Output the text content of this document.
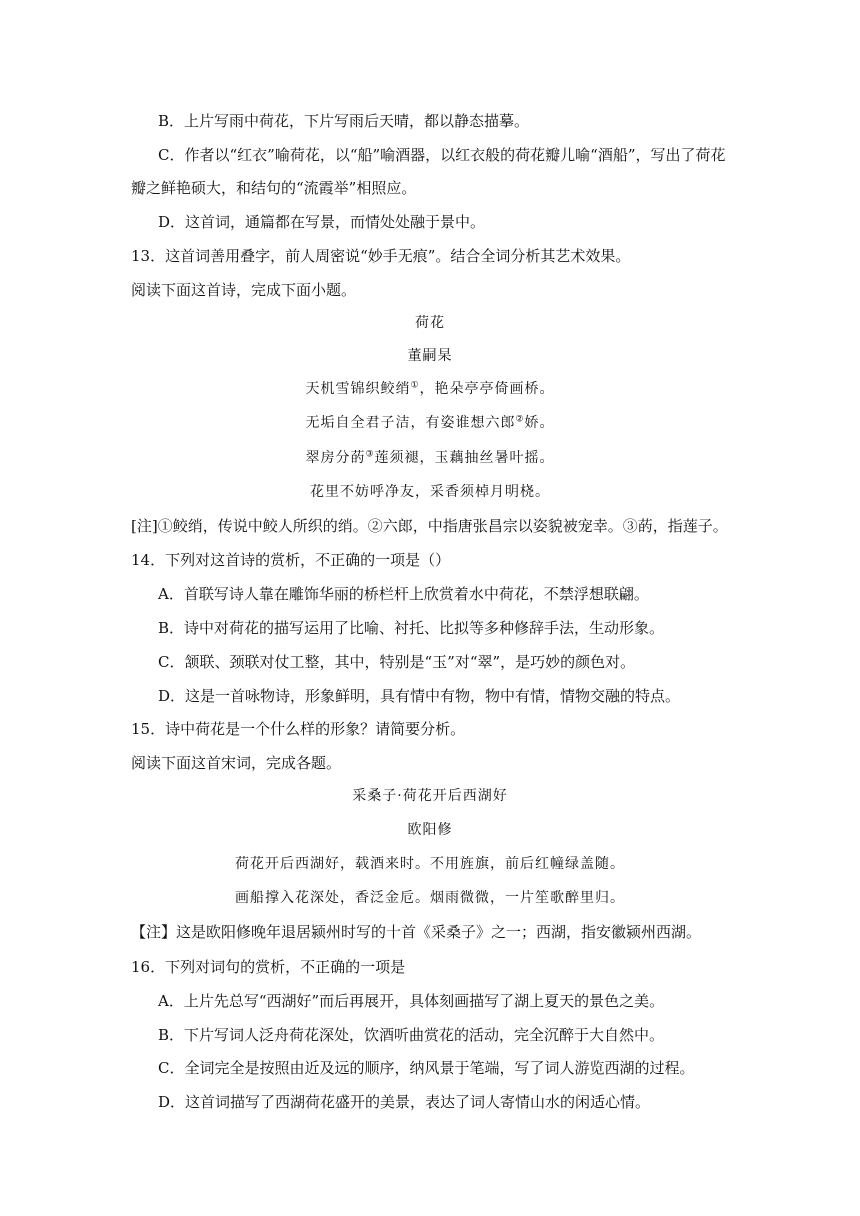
B．上片写雨中荷花，下片写雨后天晴，都以静态描摹。
C．作者以“红衣”喻荷花，以“船”喻酒器，以红衣般的荷花瓣儿喻“酒船”，写出了荷花
瓣之鲜艳硕大，和结句的“流霞举”相照应。
D．这首词，通篇都在写景，而情处处融于景中。
13．这首词善用叠字，前人周密说“妙手无痕”。结合全词分析其艺术效果。
阅读下面这首诗，完成下面小题。
荷花
董嗣杲
天机雪锦织鲛绡①，艳朵亭亭倚画桥。
无垢自全君子洁，有姿谁想六郎②娇。
翠房分菂③莲须褪，玉藕抽丝暑叶摇。
花里不妨呼净友，采香须棹月明桡。
[注]①鲛绡，传说中鲛人所织的绡。②六郎，中指唐张昌宗以姿貌被宠幸。③菂，指莲子。
14．下列对这首诗的赏析，不正确的一项是（）
A．首联写诗人靠在雕饰华丽的桥栏杆上欣赏着水中荷花，不禁浮想联翩。
B．诗中对荷花的描写运用了比喻、衬托、比拟等多种修辞手法，生动形象。
C．颔联、颈联对仗工整，其中，特别是“玉”对“翠”，是巧妙的颜色对。
D．这是一首咏物诗，形象鲜明，具有情中有物，物中有情，情物交融的特点。
15．诗中荷花是一个什么样的形象？请简要分析。
阅读下面这首宋词，完成各题。
采桑子·荷花开后西湖好
欧阳修
荷花开后西湖好，载酒来时。不用旌旗，前后红幢绿盖随。
画船撑入花深处，香泛金卮。烟雨微微，一片笙歌醉里归。
【注】这是欧阳修晚年退居颍州时写的十首《采桑子》之一；西湖，指安徽颍州西湖。
16．下列对词句的赏析，不正确的一项是
A．上片先总写“西湖好”而后再展开，具体刻画描写了湖上夏天的景色之美。
B．下片写词人泛舟荷花深处，饮酒听曲赏花的活动，完全沉醉于大自然中。
C．全词完全是按照由近及远的顺序，纳风景于笔端，写了词人游览西湖的过程。
D．这首词描写了西湖荷花盛开的美景，表达了词人寄情山水的闲适心情。
